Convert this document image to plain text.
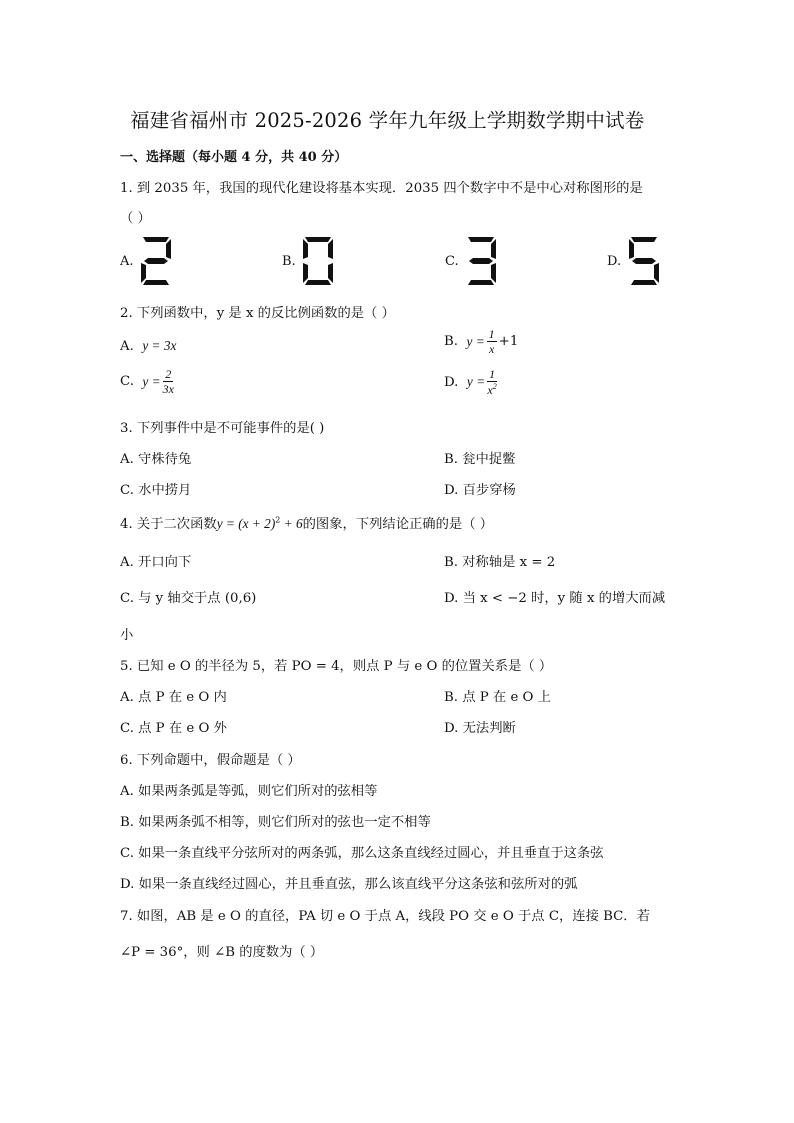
福建省福州市 2025-2026 学年九年级上学期数学期中试卷
一、选择题（每小题 4 分，共 40 分）
1. 到 2035 年，我国的现代化建设将基本实现．2035 四个数字中不是中心对称图形的是
（ ）
A.	B.	C.	D.
2. 下列函数中，y 是 x 的反比例函数的是（ ）
A. y = 3x	B.
$y = \frac{1}{x} +1$
C.
$y = \frac{2}{3x}$	D.
$y = \frac{1}{x^2}$
3. 下列事件中是不可能事件的是( )
A. 守株待兔	B. 瓮中捉鳖
C. 水中捞月	D. 百步穿杨
4. 关于二次函数$y = (x + 2)^2 + 6$的图象，下列结论正确的是（ ）
A. 开口向下	B. 对称轴是 x = 2
C. 与 y 轴交于点 (0,6)	D. 当 x < −2 时，y 随 x 的增大而减
小
5. 已知 e O 的半径为 5，若 PO = 4，则点 P 与 e O 的位置关系是（ ）
A. 点 P 在 e O 内	B. 点 P 在 e O 上
C. 点 P 在 e O 外	D. 无法判断
6. 下列命题中，假命题是（ ）
A. 如果两条弧是等弧，则它们所对的弦相等
B. 如果两条弧不相等，则它们所对的弦也一定不相等
C. 如果一条直线平分弦所对的两条弧，那么这条直线经过圆心，并且垂直于这条弦
D. 如果一条直线经过圆心，并且垂直弦，那么该直线平分这条弦和弦所对的弧
7. 如图，AB 是 e O 的直径，PA 切 e O 于点 A，线段 PO 交 e O 于点 C，连接 BC．若
∠P = 36°，则 ∠B 的度数为（ ）
